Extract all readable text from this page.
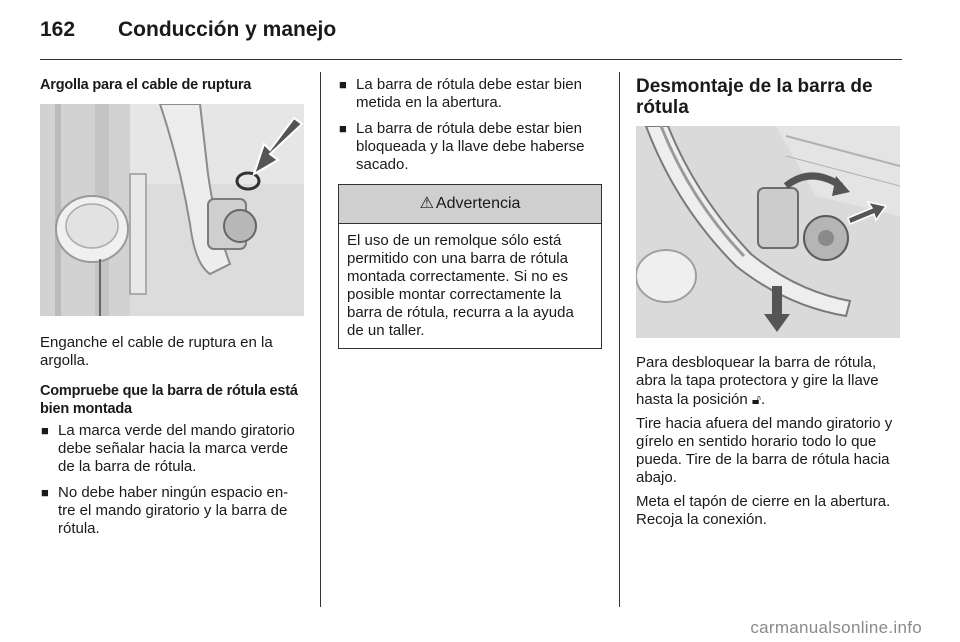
162 Conducción y manejo
Argolla para el cable de ruptura

Enganche el cable de ruptura en la argolla.

Compruebe que la barra de rótula está bien montada
■ La marca verde del mando giratorio debe señalar hacia la marca verde de la barra de rótula.
■ No debe haber ningún espacio en-tre el mando giratorio y la barra de rótula.
■ La barra de rótula debe estar bien metida en la abertura.
■ La barra de rótula debe estar bien bloqueada y la llave debe haberse sacado.
⚠ Advertencia
El uso de un remolque sólo está permitido con una barra de rótula montada correctamente. Si no es posible montar correctamente la barra de rótula, recurra a la ayuda de un taller.
Desmontaje de la barra de rótula

Para desbloquear la barra de rótula, abra la tapa protectora y gire la llave hasta la posición 🔓︎.

Tire hacia afuera del mando giratorio y gírelo en sentido horario todo lo que pueda. Tire de la barra de rótula hacia abajo.

Meta el tapón de cierre en la abertura. Recoja la conexión.

carmanualsonline.info
